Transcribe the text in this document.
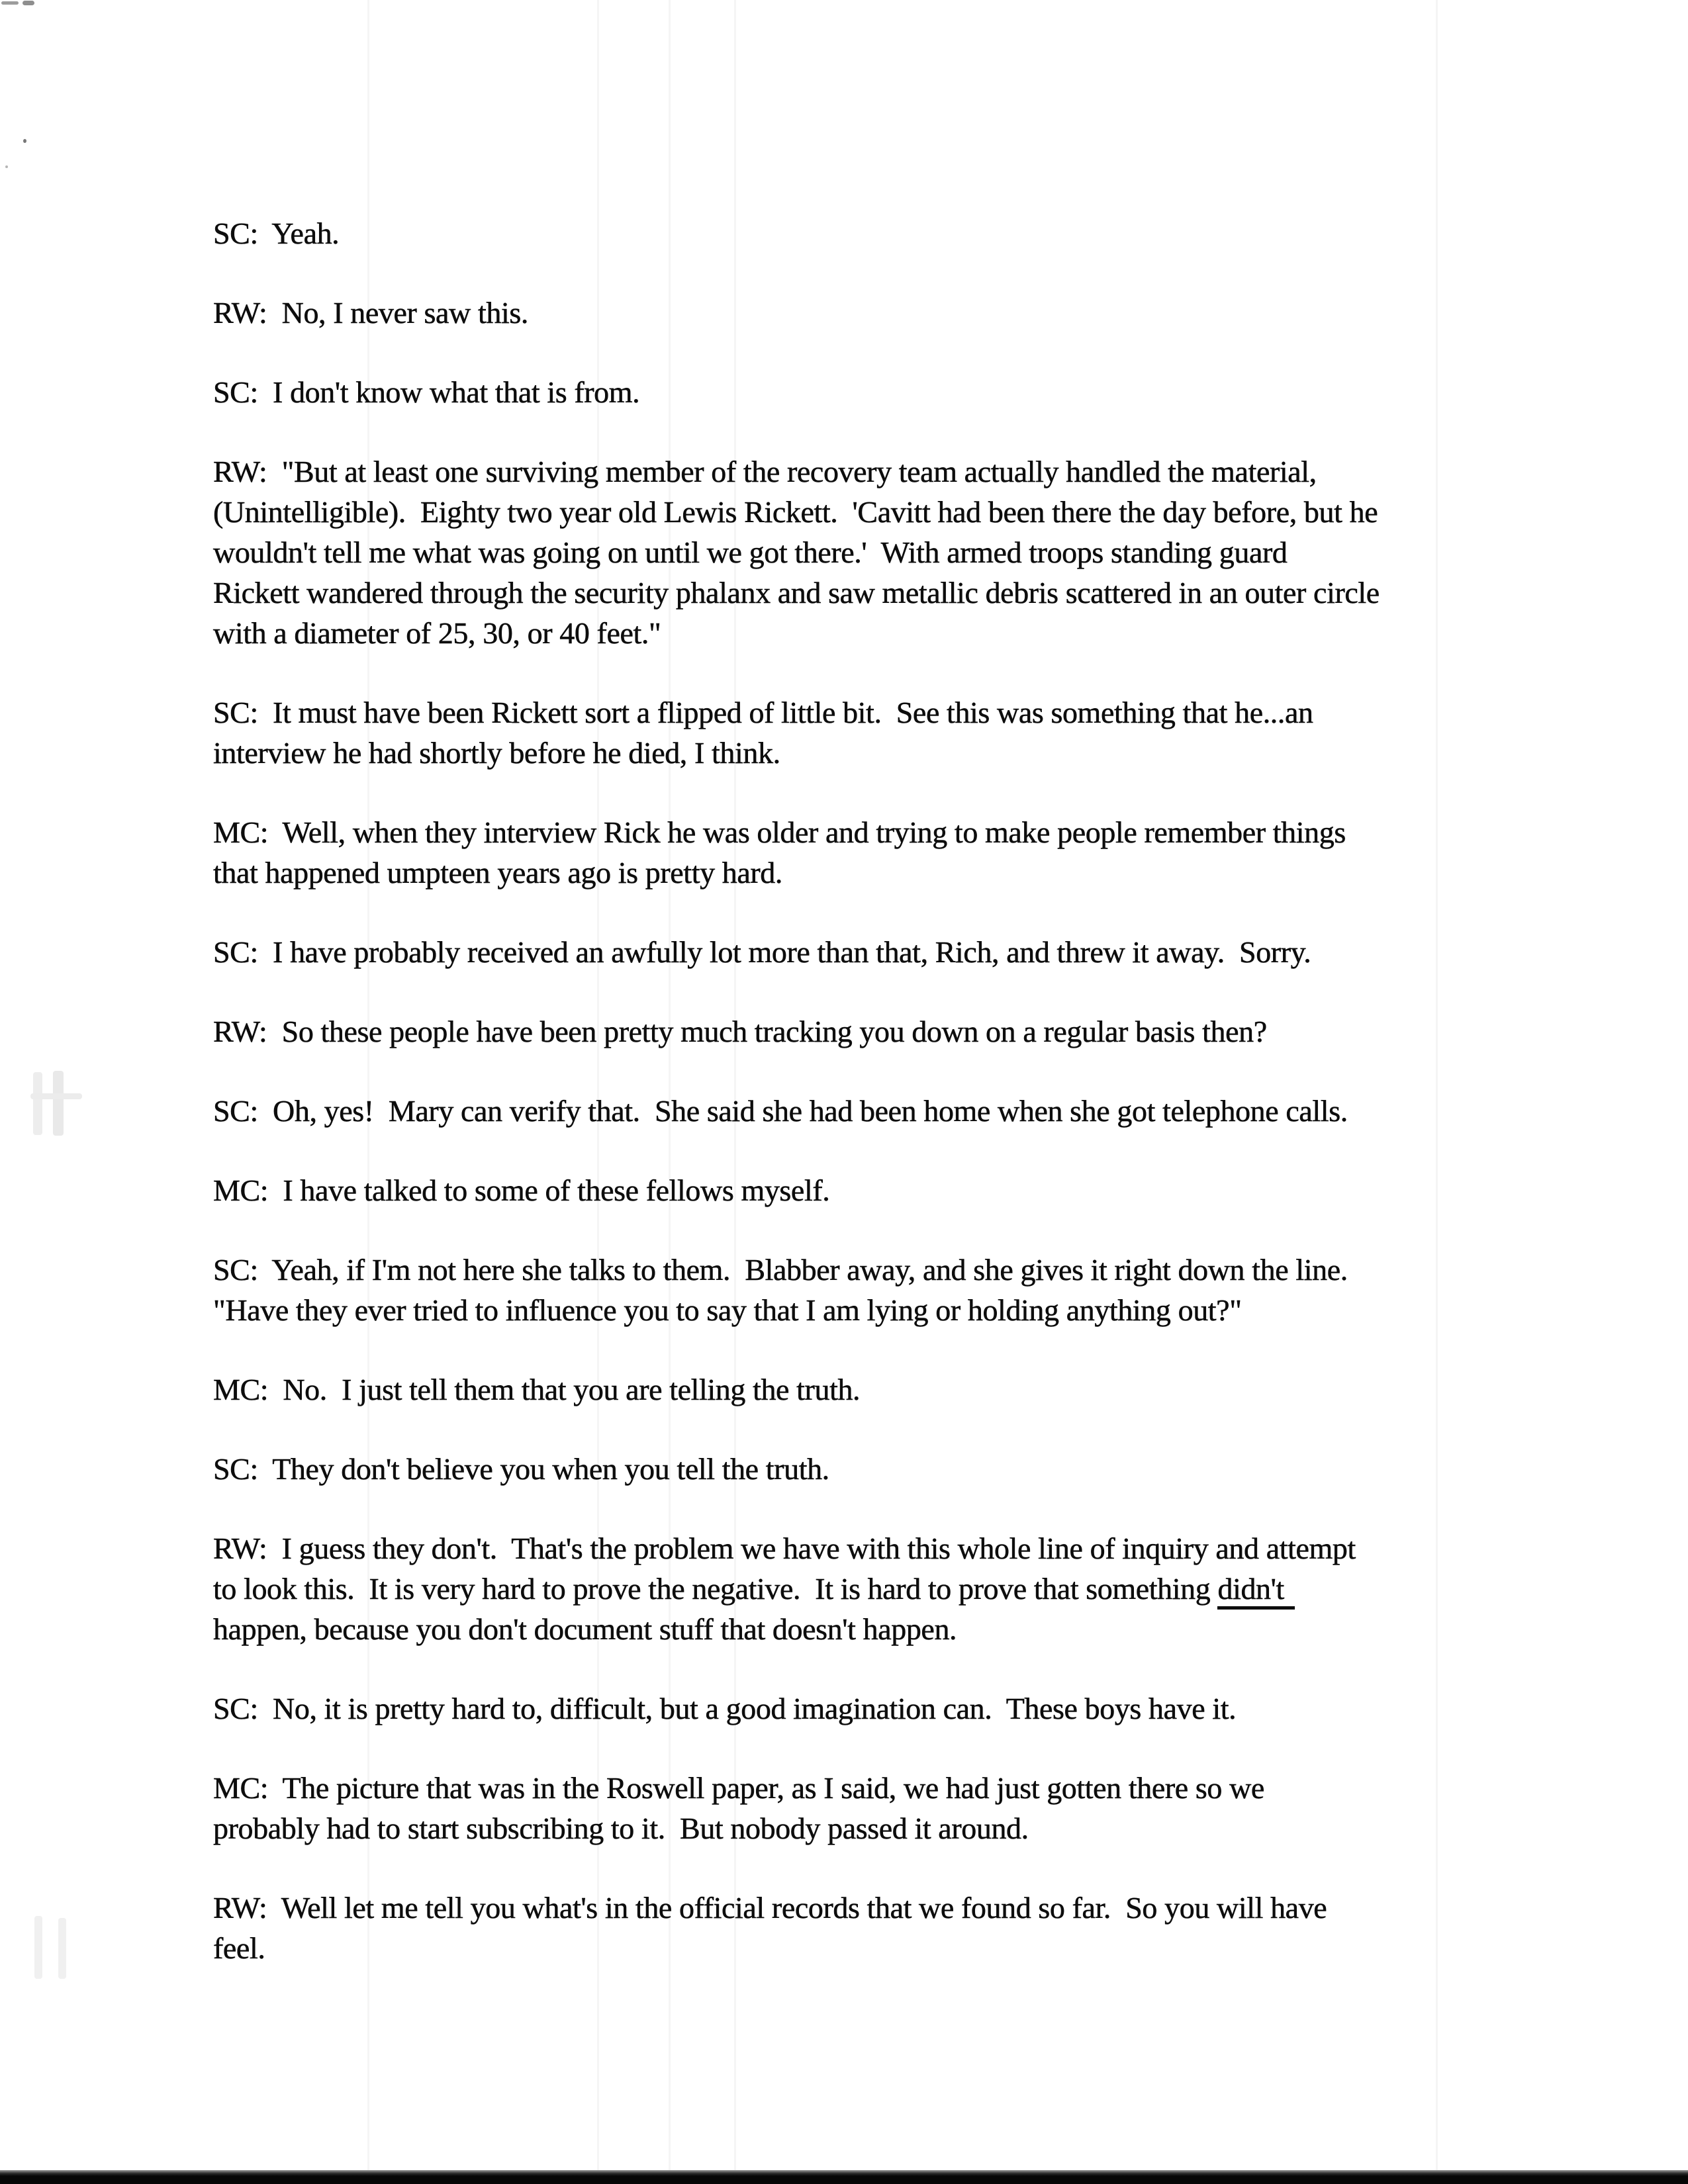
SC:  Yeah.
RW:  No, I never saw this.
SC:  I don't know what that is from.
RW:  "But at least one surviving member of the recovery team actually handled the material,
(Unintelligible).  Eighty two year old Lewis Rickett.  'Cavitt had been there the day before, but he
wouldn't tell me what was going on until we got there.'  With armed troops standing guard
Rickett wandered through the security phalanx and saw metallic debris scattered in an outer circle
with a diameter of 25, 30, or 40 feet."
SC:  It must have been Rickett sort a flipped of little bit.  See this was something that he...an
interview he had shortly before he died, I think.
MC:  Well, when they interview Rick he was older and trying to make people remember things
that happened umpteen years ago is pretty hard.
SC:  I have probably received an awfully lot more than that, Rich, and threw it away.  Sorry.
RW:  So these people have been pretty much tracking you down on a regular basis then?
SC:  Oh, yes!  Mary can verify that.  She said she had been home when she got telephone calls.
MC:  I have talked to some of these fellows myself.
SC:  Yeah, if I'm not here she talks to them.  Blabber away, and she gives it right down the line.
"Have they ever tried to influence you to say that I am lying or holding anything out?"
MC:  No.  I just tell them that you are telling the truth.
SC:  They don't believe you when you tell the truth.
RW:  I guess they don't.  That's the problem we have with this whole line of inquiry and attempt
to look this.  It is very hard to prove the negative.  It is hard to prove that something didn't
happen, because you don't document stuff that doesn't happen.
SC:  No, it is pretty hard to, difficult, but a good imagination can.  These boys have it.
MC:  The picture that was in the Roswell paper, as I said, we had just gotten there so we
probably had to start subscribing to it.  But nobody passed it around.
RW:  Well let me tell you what's in the official records that we found so far.  So you will have
feel.
